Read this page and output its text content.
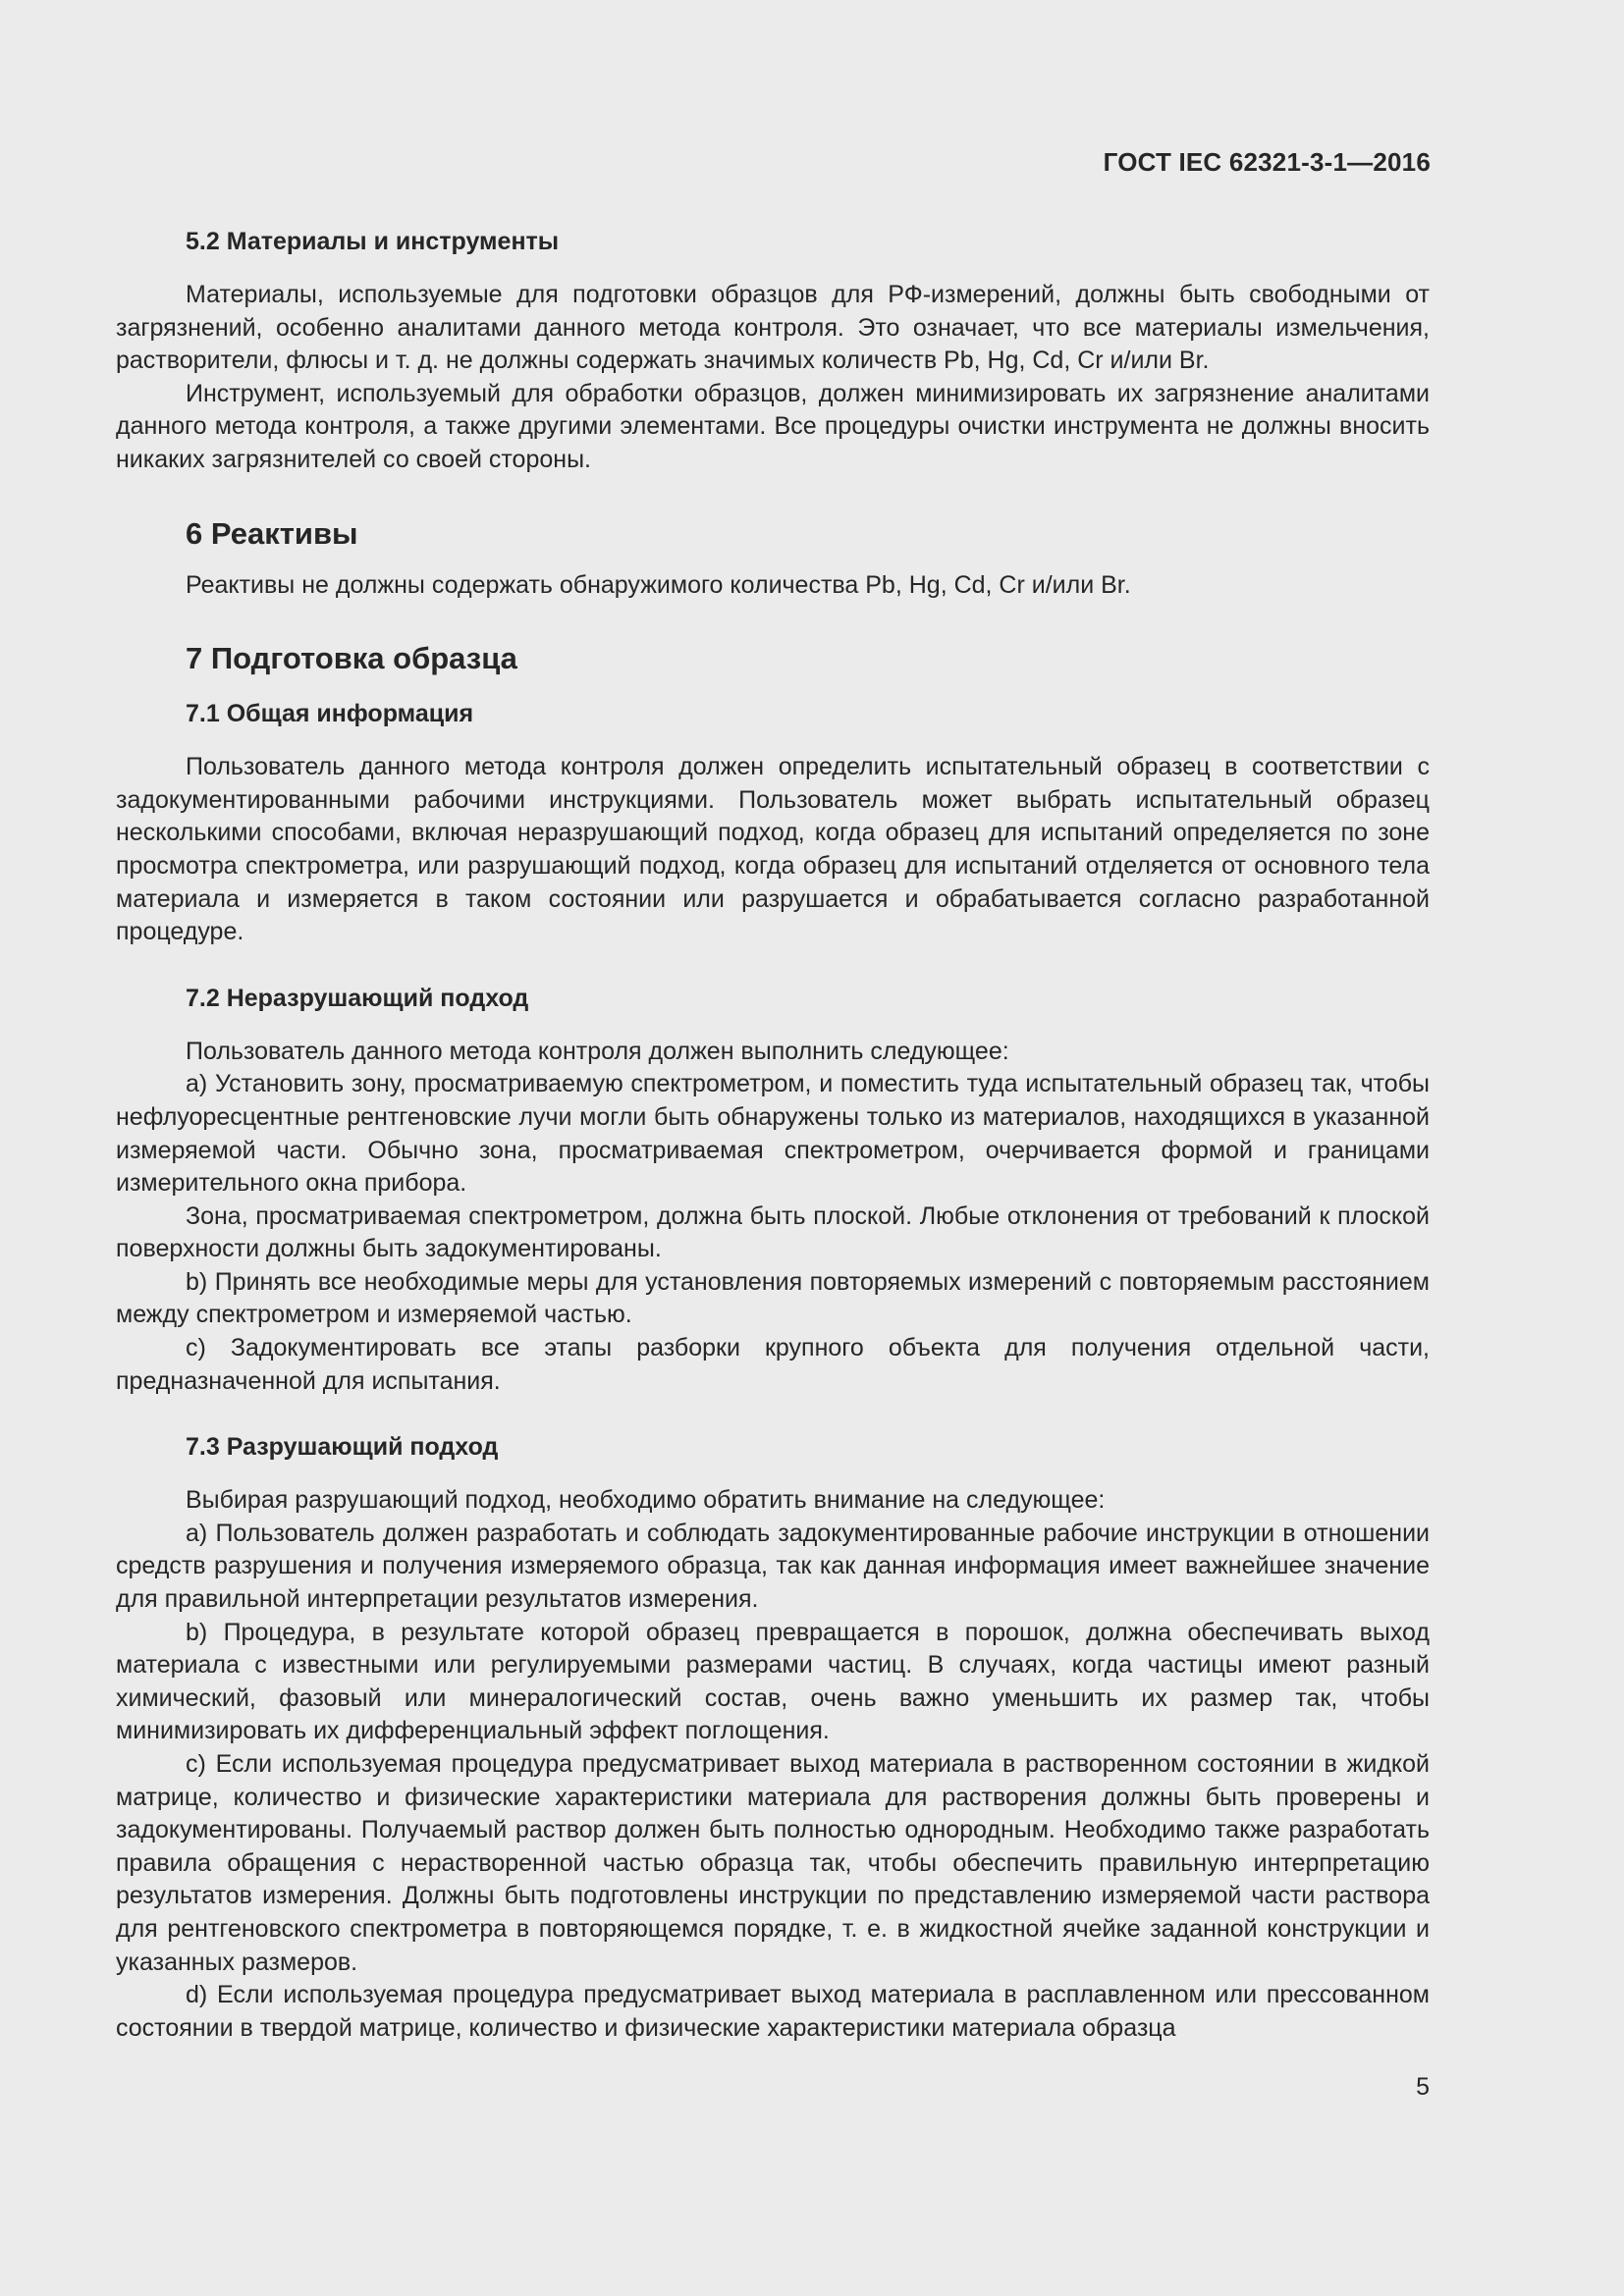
ГОСТ IEC 62321-3-1—2016
5.2 Материалы и инструменты

Материалы, используемые для подготовки образцов для РФ-измерений, должны быть свободными от загрязнений, особенно аналитами данного метода контроля. Это означает, что все материалы измельчения, растворители, флюсы и т. д. не должны содержать значимых количеств Pb, Hg, Cd, Cr и/или Br.

Инструмент, используемый для обработки образцов, должен минимизировать их загрязнение аналитами данного метода контроля, а также другими элементами. Все процедуры очистки инструмента не должны вносить никаких загрязнителей со своей стороны.

6 Реактивы

Реактивы не должны содержать обнаружимого количества Pb, Hg, Cd, Cr и/или Br.

7 Подготовка образца
7.1 Общая информация

Пользователь данного метода контроля должен определить испытательный образец в соответствии с задокументированными рабочими инструкциями. Пользователь может выбрать испытательный образец несколькими способами, включая неразрушающий подход, когда образец для испытаний определяется по зоне просмотра спектрометра, или разрушающий подход, когда образец для испытаний отделяется от основного тела материала и измеряется в таком состоянии или разрушается и обрабатывается согласно разработанной процедуре.

7.2 Неразрушающий подход

Пользователь данного метода контроля должен выполнить следующее:

a) Установить зону, просматриваемую спектрометром, и поместить туда испытательный образец так, чтобы нефлуоресцентные рентгеновские лучи могли быть обнаружены только из материалов, находящихся в указанной измеряемой части. Обычно зона, просматриваемая спектрометром, очерчивается формой и границами измерительного окна прибора.

Зона, просматриваемая спектрометром, должна быть плоской. Любые отклонения от требований к плоской поверхности должны быть задокументированы.

b) Принять все необходимые меры для установления повторяемых измерений с повторяемым расстоянием между спектрометром и измеряемой частью.

c) Задокументировать все этапы разборки крупного объекта для получения отдельной части, предназначенной для испытания.

7.3 Разрушающий подход

Выбирая разрушающий подход, необходимо обратить внимание на следующее:

a) Пользователь должен разработать и соблюдать задокументированные рабочие инструкции в отношении средств разрушения и получения измеряемого образца, так как данная информация имеет важнейшее значение для правильной интерпретации результатов измерения.

b) Процедура, в результате которой образец превращается в порошок, должна обеспечивать выход материала с известными или регулируемыми размерами частиц. В случаях, когда частицы имеют разный химический, фазовый или минералогический состав, очень важно уменьшить их размер так, чтобы минимизировать их дифференциальный эффект поглощения.

c) Если используемая процедура предусматривает выход материала в растворенном состоянии в жидкой матрице, количество и физические характеристики материала для растворения должны быть проверены и задокументированы. Получаемый раствор должен быть полностью однородным. Необходимо также разработать правила обращения с нерастворенной частью образца так, чтобы обеспечить правильную интерпретацию результатов измерения. Должны быть подготовлены инструкции по представлению измеряемой части раствора для рентгеновского спектрометра в повторяющемся порядке, т. е. в жидкостной ячейке заданной конструкции и указанных размеров.

d) Если используемая процедура предусматривает выход материала в расплавленном или прессованном состоянии в твердой матрице, количество и физические характеристики материала образца

5
